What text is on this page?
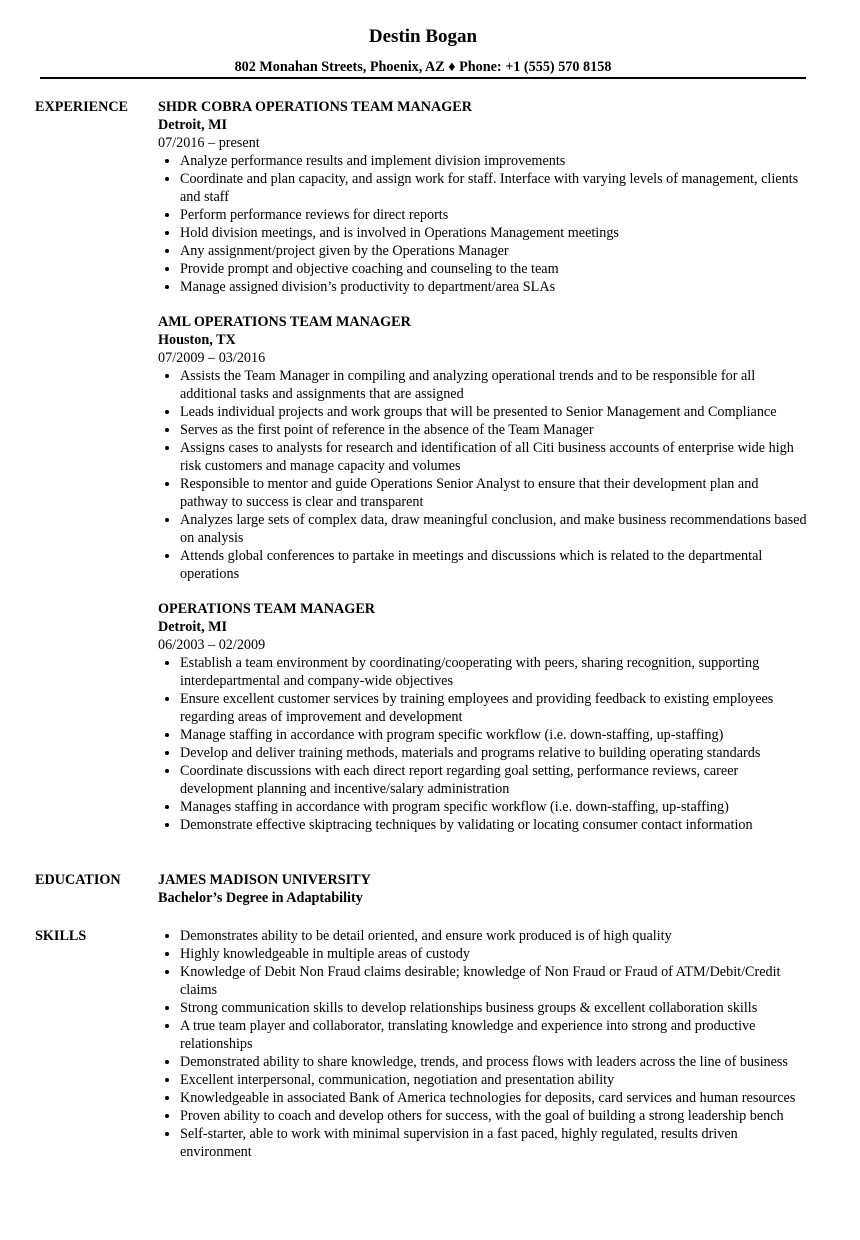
Destin Bogan
802 Monahan Streets, Phoenix, AZ ♦ Phone: +1 (555) 570 8158
EXPERIENCE SHDR COBRA OPERATIONS TEAM MANAGER
Detroit, MI
07/2016 – present
• Analyze performance results and implement division improvements
• Coordinate and plan capacity, and assign work for staff. Interface with varying levels of management, clients and staff
• Perform performance reviews for direct reports
• Hold division meetings, and is involved in Operations Management meetings
• Any assignment/project given by the Operations Manager
• Provide prompt and objective coaching and counseling to the team
• Manage assigned division’s productivity to department/area SLAs
AML OPERATIONS TEAM MANAGER
Houston, TX
07/2009 – 03/2016
• Assists the Team Manager in compiling and analyzing operational trends and to be responsible for all additional tasks and assignments that are assigned
• Leads individual projects and work groups that will be presented to Senior Management and Compliance
• Serves as the first point of reference in the absence of the Team Manager
• Assigns cases to analysts for research and identification of all Citi business accounts of enterprise wide high risk customers and manage capacity and volumes
• Responsible to mentor and guide Operations Senior Analyst to ensure that their development plan and pathway to success is clear and transparent
• Analyzes large sets of complex data, draw meaningful conclusion, and make business recommendations based on analysis
• Attends global conferences to partake in meetings and discussions which is related to the departmental operations
OPERATIONS TEAM MANAGER
Detroit, MI
06/2003 – 02/2009
• Establish a team environment by coordinating/cooperating with peers, sharing recognition, supporting interdepartmental and company-wide objectives
• Ensure excellent customer services by training employees and providing feedback to existing employees regarding areas of improvement and development
• Manage staffing in accordance with program specific workflow (i.e. down-staffing, up-staffing)
• Develop and deliver training methods, materials and programs relative to building operating standards
• Coordinate discussions with each direct report regarding goal setting, performance reviews, career development planning and incentive/salary administration
• Manages staffing in accordance with program specific workflow (i.e. down-staffing, up-staffing)
• Demonstrate effective skiptracing techniques by validating or locating consumer contact information
EDUCATION	JAMES MADISON UNIVERSITY
Bachelor’s Degree in Adaptability
SKILLS
•	Demonstrates ability to be detail oriented, and ensure work produced is of high quality
• Highly knowledgeable in multiple areas of custody
• Knowledge of Debit Non Fraud claims desirable; knowledge of Non Fraud or Fraud of ATM/Debit/Credit claims
• Strong communication skills to develop relationships business groups & excellent collaboration skills
• A true team player and collaborator, translating knowledge and experience into strong and productive relationships
• Demonstrated ability to share knowledge, trends, and process flows with leaders across the line of business
• Excellent interpersonal, communication, negotiation and presentation ability
• Knowledgeable in associated Bank of America technologies for deposits, card services and human resources
• Proven ability to coach and develop others for success, with the goal of building a strong leadership bench
• Self-starter, able to work with minimal supervision in a fast paced, highly regulated, results driven environment
